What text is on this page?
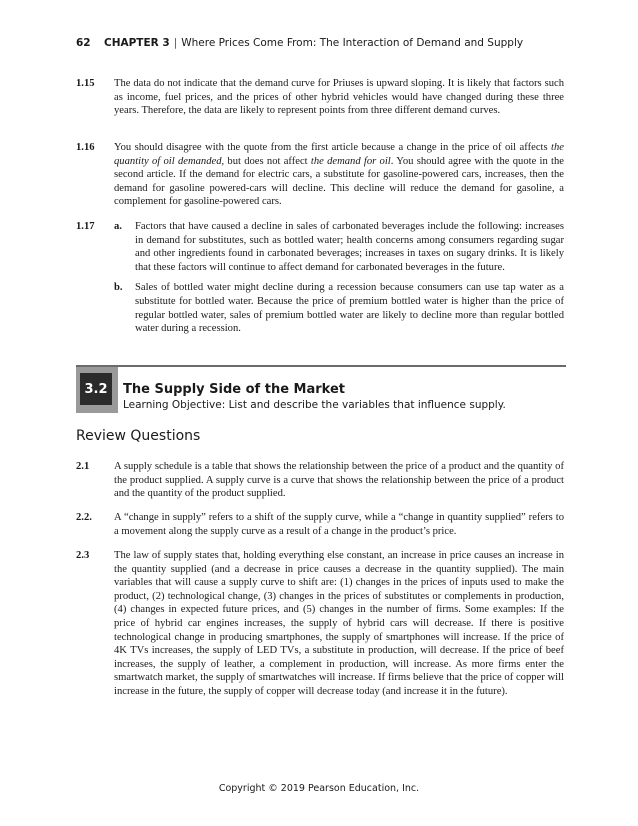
62 CHAPTER 3 | Where Prices Come From: The Interaction of Demand and Supply
1.15 The data do not indicate that the demand curve for Priuses is upward sloping. It is likely that factors such as income, fuel prices, and the prices of other hybrid vehicles would have changed during these three years. Therefore, the data are likely to represent points from three different demand curves.
1.16 You should disagree with the quote from the first article because a change in the price of oil affects the quantity of oil demanded, but does not affect the demand for oil. You should agree with the quote in the second article. If the demand for electric cars, a substitute for gasoline-powered cars, increases, then the demand for gasoline powered-cars will decline. This decline will reduce the demand for gasoline, a complement for gasoline-powered cars.
1.17 a. Factors that have caused a decline in sales of carbonated beverages include the following: increases in demand for substitutes, such as bottled water; health concerns among consumers regarding sugar and other ingredients found in carbonated beverages; increases in taxes on sugary drinks. It is likely that these factors will continue to affect demand for carbonated beverages in the future.
b. Sales of bottled water might decline during a recession because consumers can use tap water as a substitute for bottled water. Because the price of premium bottled water is higher than the price of regular bottled water, sales of premium bottled water are likely to decline more than regular bottled water during a recession.
3.2	The Supply Side of the Market
Learning Objective: List and describe the variables that influence supply.
Review Questions
2.1 A supply schedule is a table that shows the relationship between the price of a product and the quantity of the product supplied. A supply curve is a curve that shows the relationship between the price of a product and the quantity of the product supplied.
2.2. A “change in supply” refers to a shift of the supply curve, while a “change in quantity supplied” refers to a movement along the supply curve as a result of a change in the product’s price.
2.3 The law of supply states that, holding everything else constant, an increase in price causes an increase in the quantity supplied (and a decrease in price causes a decrease in the quantity supplied). The main variables that will cause a supply curve to shift are: (1) changes in the prices of inputs used to make the product, (2) technological change, (3) changes in the prices of substitutes or complements in production, (4) changes in expected future prices, and (5) changes in the number of firms. Some examples: If the price of hybrid car engines increases, the supply of hybrid cars will decrease. If there is positive technological change in producing smartphones, the supply of smartphones will increase. If the price of 4K TVs increases, the supply of LED TVs, a substitute in production, will decrease. If the price of beef increases, the supply of leather, a complement in production, will increase. As more firms enter the smartwatch market, the supply of smartwatches will increase. If firms believe that the price of copper will increase in the future, the supply of copper will decrease today (and increase it in the future).
Copyright © 2019 Pearson Education, Inc.
